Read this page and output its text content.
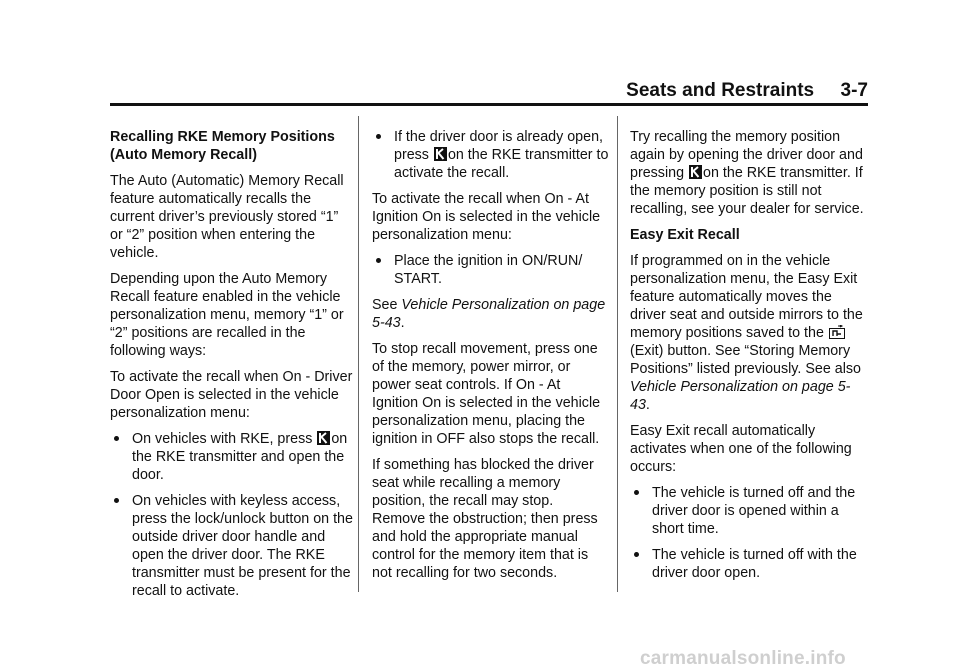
Seats and Restraints 3-7

Recalling RKE Memory Positions (Auto Memory Recall)

The Auto (Automatic) Memory Recall feature automatically recalls the current driver’s previously stored “1” or “2” position when entering the vehicle.

Depending upon the Auto Memory Recall feature enabled in the vehicle personalization menu, memory “1” or “2” positions are recalled in the following ways:

To activate the recall when On - Driver Door Open is selected in the vehicle personalization menu:

On vehicles with RKE, press on the RKE transmitter and open the door.
On vehicles with keyless access, press the lock/unlock button on the outside driver door handle and open the driver door. The RKE transmitter must be present for the recall to activate.
If the driver door is already open, press on the RKE transmitter to activate the recall.

To activate the recall when On - At Ignition On is selected in the vehicle personalization menu:

Place the ignition in ON/RUN/ START.

See Vehicle Personalization on page 5-43.

To stop recall movement, press one of the memory, power mirror, or power seat controls. If On - At Ignition On is selected in the vehicle personalization menu, placing the ignition in OFF also stops the recall.

If something has blocked the driver seat while recalling a memory position, the recall may stop. Remove the obstruction; then press and hold the appropriate manual control for the memory item that is not recalling for two seconds.

Try recalling the memory position again by opening the driver door and pressing on the RKE transmitter. If the memory position is still not recalling, see your dealer for service.

Easy Exit Recall

If programmed on in the vehicle personalization menu, the Easy Exit feature automatically moves the driver seat and outside mirrors to the memory positions saved to the  (Exit) button. See “Storing Memory Positions” listed previously. See also Vehicle Personalization on page 5-43.

Easy Exit recall automatically activates when one of the following occurs:

The vehicle is turned off and the driver door is opened within a short time.
The vehicle is turned off with the driver door open.
carmanualsonline.info
